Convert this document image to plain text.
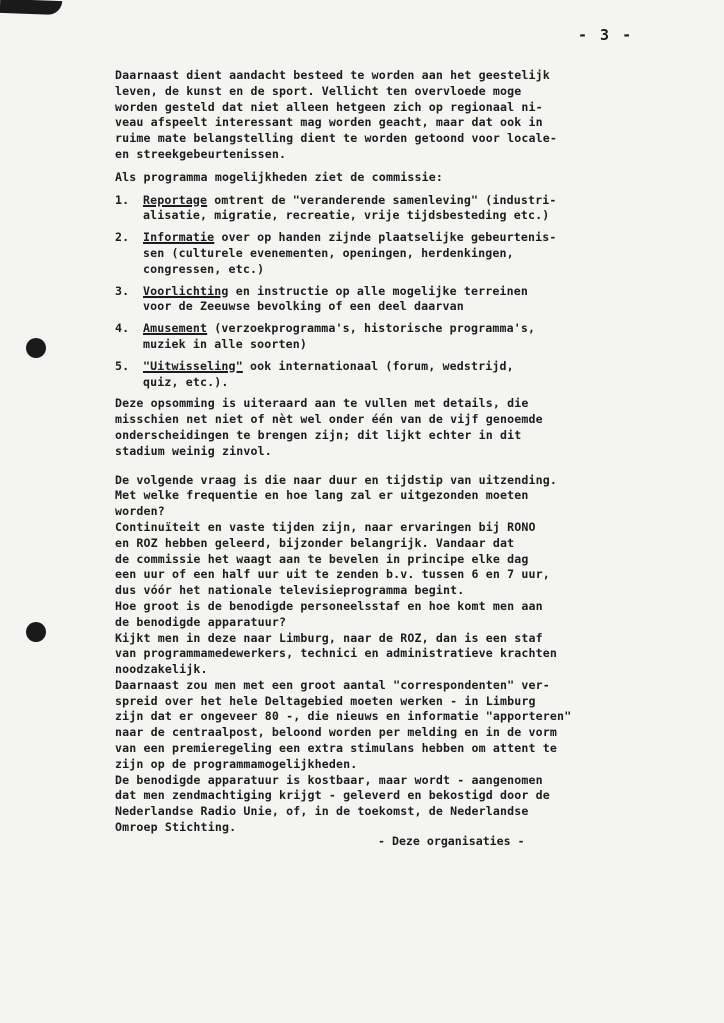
- 3 -

Daarnaast dient aandacht besteed te worden aan het geestelijk
leven, de kunst en de sport. Vellicht ten overvloede moge
worden gesteld dat niet alleen hetgeen zich op regionaal ni-
veau afspeelt interessant mag worden geacht, maar dat ook in
ruime mate belangstelling dient te worden getoond voor locale-
en streekgebeurtenissen.

Als programma mogelijkheden ziet de commissie:

1.	Reportage omtrent de "veranderende samenleving" (industri-
alisatie, migratie, recreatie, vrije tijdsbesteding etc.)
2.	Informatie over op handen zijnde plaatselijke gebeurtenis-
sen (culturele evenementen, openingen, herdenkingen,
congressen, etc.)
3.	Voorlichting en instructie op alle mogelijke terreinen
voor de Zeeuwse bevolking of een deel daarvan
4.	Amusement (verzoekprogramma's, historische programma's,
muziek in alle soorten)
5.	"Uitwisseling" ook internationaal (forum, wedstrijd,
quiz, etc.).

Deze opsomming is uiteraard aan te vullen met details, die
misschien net niet of nèt wel onder één van de vijf genoemde
onderscheidingen te brengen zijn; dit lijkt echter in dit
stadium weinig zinvol.

De volgende vraag is die naar duur en tijdstip van uitzending.
Met welke frequentie en hoe lang zal er uitgezonden moeten
worden?
Continuïteit en vaste tijden zijn, naar ervaringen bij RONO
en ROZ hebben geleerd, bijzonder belangrijk. Vandaar dat
de commissie het waagt aan te bevelen in principe elke dag
een uur of een half uur uit te zenden b.v. tussen 6 en 7 uur,
dus vóór het nationale televisieprogramma begint.
Hoe groot is de benodigde personeelsstaf en hoe komt men aan
de benodigde apparatuur?
Kijkt men in deze naar Limburg, naar de ROZ, dan is een staf
van programmamedewerkers, technici en administratieve krachten
noodzakelijk.
Daarnaast zou men met een groot aantal "correspondenten" ver-
spreid over het hele Deltagebied moeten werken - in Limburg
zijn dat er ongeveer 80 -, die nieuws en informatie "apporteren"
naar de centraalpost, beloond worden per melding en in de vorm
van een premieregeling een extra stimulans hebben om attent te
zijn op de programmamogelijkheden.
De benodigde apparatuur is kostbaar, maar wordt - aangenomen
dat men zendmachtiging krijgt - geleverd en bekostigd door de
Nederlandse Radio Unie, of, in de toekomst, de Nederlandse
Omroep Stichting.

- Deze organisaties -
